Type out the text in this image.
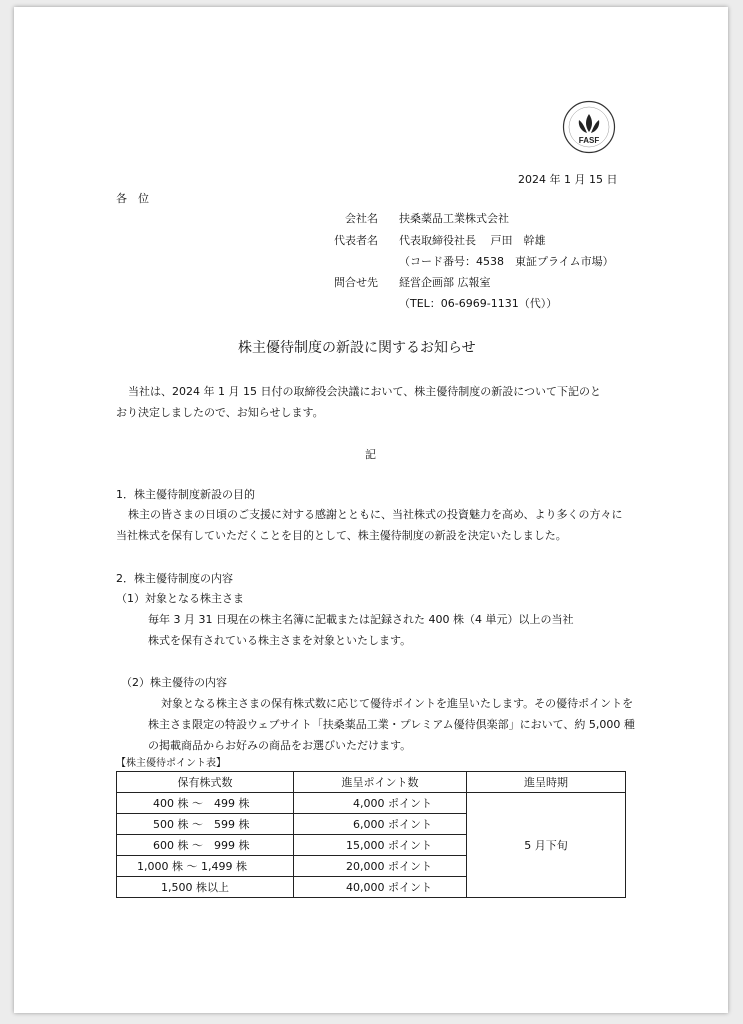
FASF
2024 年 1 月 15 日
各　位
会社名 扶桑薬品工業株式会社
代表者名 代表取締役社長　 戸田　幹雄
（コード番号：4538　東証プライム市場）
問合せ先 経営企画部 広報室
（TEL：06-6969-1131（代））
株主優待制度の新設に関するお知らせ
当社は、2024 年 1 月 15 日付の取締役会決議において、株主優待制度の新設について下記のと
おり決定しましたので、お知らせします。
記
1．株主優待制度新設の目的
株主の皆さまの日頃のご支援に対する感謝とともに、当社株式の投資魅力を高め、より多くの方々に
当社株式を保有していただくことを目的として、株主優待制度の新設を決定いたしました。
2．株主優待制度の内容
（1）対象となる株主さま
毎年 3 月 31 日現在の株主名簿に記載または記録された 400 株（4 単元）以上の当社
株式を保有されている株主さまを対象といたします。
（2）株主優待の内容
対象となる株主さまの保有株式数に応じて優待ポイントを進呈いたします。その優待ポイントを
株主さま限定の特設ウェブサイト「扶桑薬品工業・プレミアム優待倶楽部」において、約 5,000 種
の掲載商品からお好みの商品をお選びいただけます。
【株主優待ポイント表】
保有株式数	進呈ポイント数	進呈時期
400 株 ～　499 株	4,000 ポイント	5 月下旬
500 株 ～　599 株	6,000 ポイント	
600 株 ～　999 株	15,000 ポイント	
1,000 株 ～ 1,499 株	20,000 ポイント	
1,500 株以上	40,000 ポイント	
